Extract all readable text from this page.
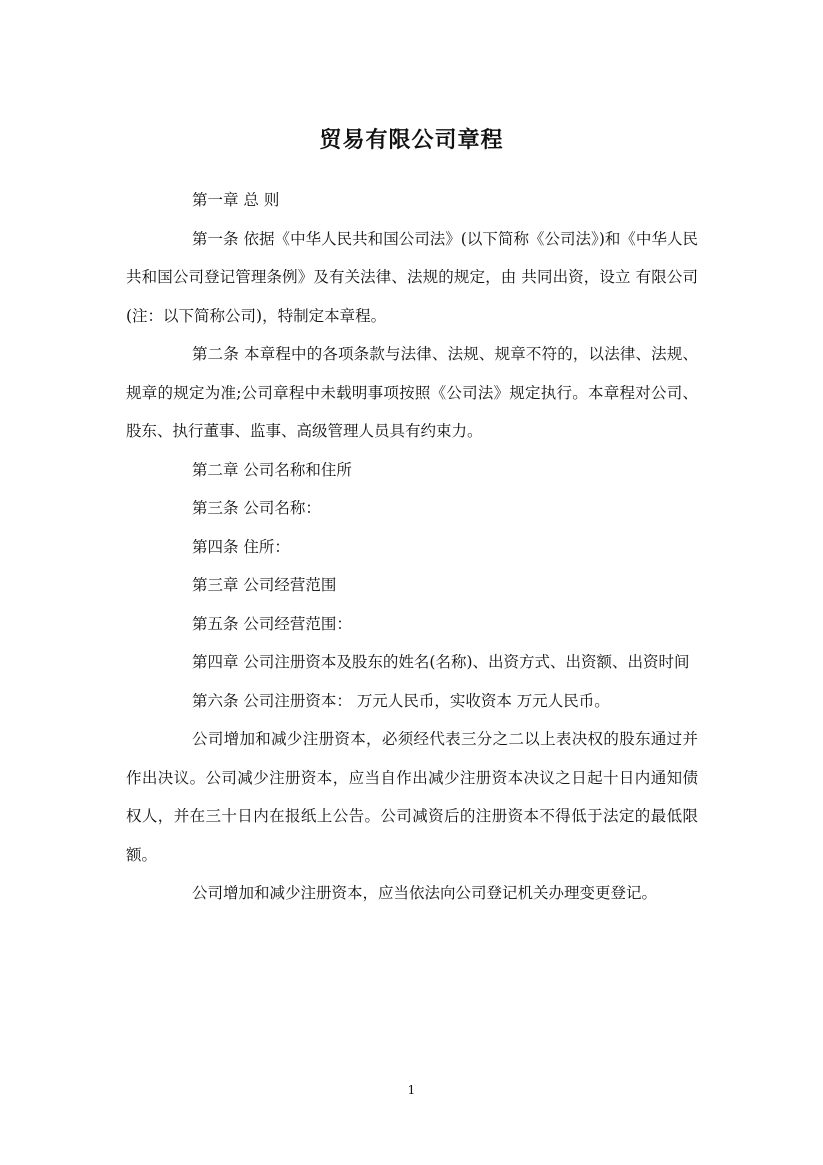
贸易有限公司章程

第一章 总 则

第一条 依据《中华人民共和国公司法》(以下简称《公司法》)和《中华人民共和国公司登记管理条例》及有关法律、法规的规定，由 共同出资，设立 有限公司(注：以下简称公司)，特制定本章程。

第二条 本章程中的各项条款与法律、法规、规章不符的，以法律、法规、规章的规定为准;公司章程中未载明事项按照《公司法》规定执行。本章程对公司、股东、执行董事、监事、高级管理人员具有约束力。

第二章 公司名称和住所

第三条 公司名称：

第四条 住所：

第三章 公司经营范围

第五条 公司经营范围：

第四章 公司注册资本及股东的姓名(名称)、出资方式、出资额、出资时间

第六条 公司注册资本： 万元人民币，实收资本 万元人民币。

公司增加和减少注册资本，必须经代表三分之二以上表决权的股东通过并作出决议。公司减少注册资本，应当自作出减少注册资本决议之日起十日内通知债权人，并在三十日内在报纸上公告。公司减资后的注册资本不得低于法定的最低限额。

公司增加和减少注册资本，应当依法向公司登记机关办理变更登记。

1
